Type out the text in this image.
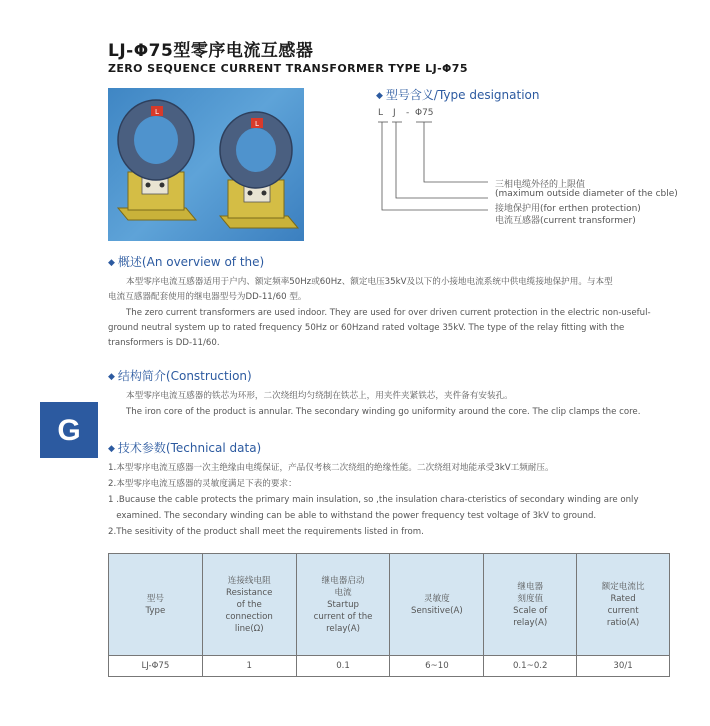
LJ-Φ75型零序电流互感器
ZERO SEQUENCE CURRENT TRANSFORMER TYPE LJ-Φ75
L
L
◆ 型号含义/Type designation
L J - Φ75
三相电缆外径的上限值
(maximum outside diameter of the cble)
接地保护用(for erthen protection)
电流互感器(current transformer)
◆ 概述(An overview of the)
本型零序电流互感器适用于户内、额定频率50Hz或60Hz、额定电压35kV及以下的小接地电流系统中供电缆接地保护用。与本型
电流互感器配套使用的继电器型号为DD-11/60 型。
The zero current transformers are used indoor. They are used for over driven current protection in the electric non-useful-
ground neutral system up to rated frequency 50Hz or 60Hzand rated voltage 35kV. The type of the relay fitting with the
transformers is DD-11/60.
G
◆ 结构简介(Construction)
本型零序电流互感器的铁芯为环形，二次绕组均匀绕制在铁芯上，用夹件夹紧铁芯，夹件备有安装孔。
The iron core of the product is annular. The secondary winding go uniformity around the core. The clip clamps the core.
◆ 技术参数(Technical data)
1.本型零序电流互感器一次主绝缘由电缆保证，产品仅考核二次绕组的绝缘性能。二次绕组对地能承受3kV工频耐压。
2.本型零序电流互感器的灵敏度满足下表的要求：
1 .Bucause the cable protects the primary main insulation, so ,the insulation chara-cteristics of secondary winding are only
examined. The secondary winding can be able to withstand the power frequency test voltage of 3kV to ground.
2.The sesitivity of the product shall meet the requirements listed in from.
型号
Type	连接线电阻
Resistance
of the
connection
line(Ω)	继电器启动
电流
Startup
current of the
relay(A)	灵敏度
Sensitive(A)	继电器
刻度值
Scale of
relay(A)	额定电流比
Rated
current
ratio(A)

LJ-Φ75	1	0.1	6~10	0.1~0.2	30/1
